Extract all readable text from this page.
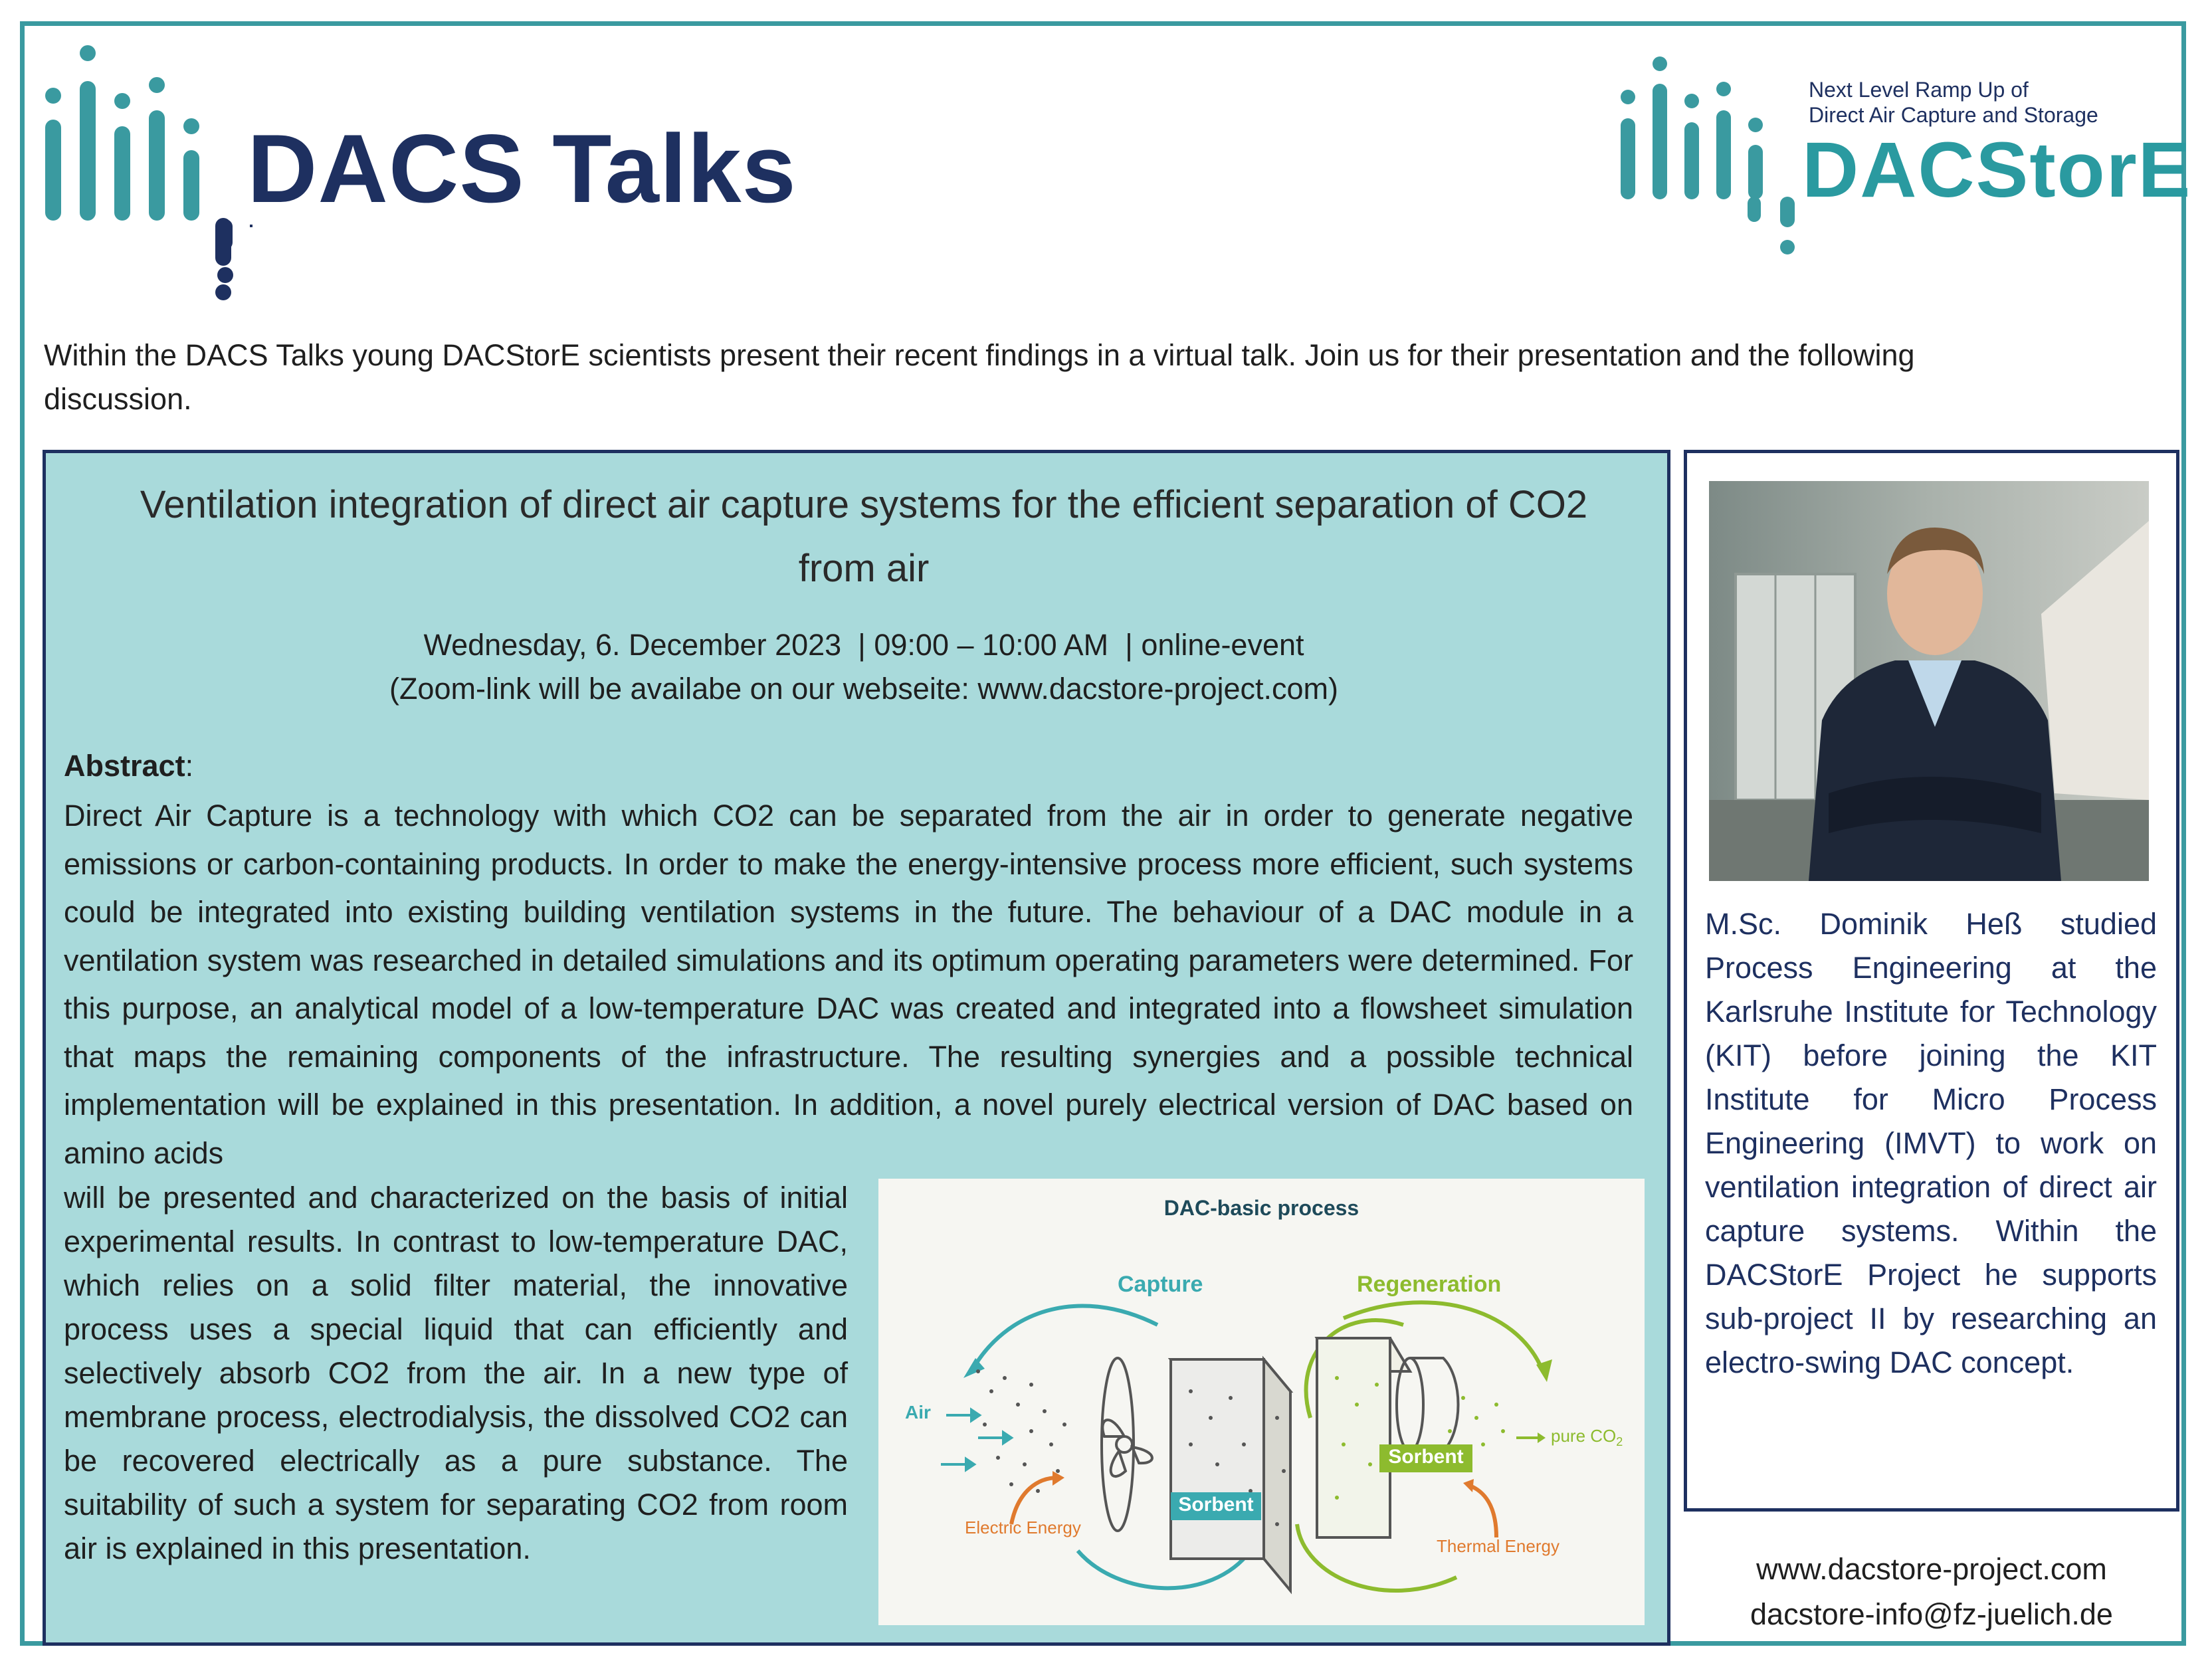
DACS Talks
Next Level Ramp Up of
Direct Air Capture and Storage
DACStorE
Within the DACS Talks young DACStorE scientists present their recent findings in a virtual talk. Join us for their presentation and the following discussion.
Ventilation integration of direct air capture systems for the efficient separation of CO2 from air
Wednesday, 6. December 2023  | 09:00 – 10:00 AM  | online-event
(Zoom-link will be availabe on our webseite: www.dacstore-project.com)
Abstract:
Direct Air Capture is a technology with which CO2 can be separated from the air in order to generate negative emissions or carbon-containing products. In order to make the energy-intensive process more efficient, such systems could be integrated into existing building ventilation systems in the future. The behaviour of a DAC module in a ventilation system was researched in detailed simulations and its optimum operating parameters were determined. For this purpose, an analytical model of a low-temperature DAC was created and integrated into a flowsheet simulation that maps the remaining components of the infrastructure. The resulting synergies and a possible technical implementation will be explained in this presentation. In addition, a novel purely electrical version of DAC based on amino acids
will be presented and characterized on the basis of initial experimental results. In contrast to low-temperature DAC, which relies on a solid filter material, the innovative process uses a special liquid that can efficiently and selectively absorb CO2 from the air. In a new type of membrane process, electrodialysis, the dissolved CO2 can be recovered electrically as a pure substance. The suitability of such a system for separating CO2 from room air is explained in this presentation.
DAC-basic process
Capture	Regeneration
Air
Sorbent
Sorbent
pure $CO_2$
Electric Energy
Thermal Energy
M.Sc. Dominik Heß studied Process Engineering at the Karlsruhe Institute for Technology (KIT) before joining the KIT Institute for Micro Process Engineering (IMVT) to work on ventilation integration of direct air capture systems. Within the DACStorE Project he supports sub-project II by researching an electro-swing DAC concept.
www.dacstore-project.com
dacstore-info@fz-juelich.de
